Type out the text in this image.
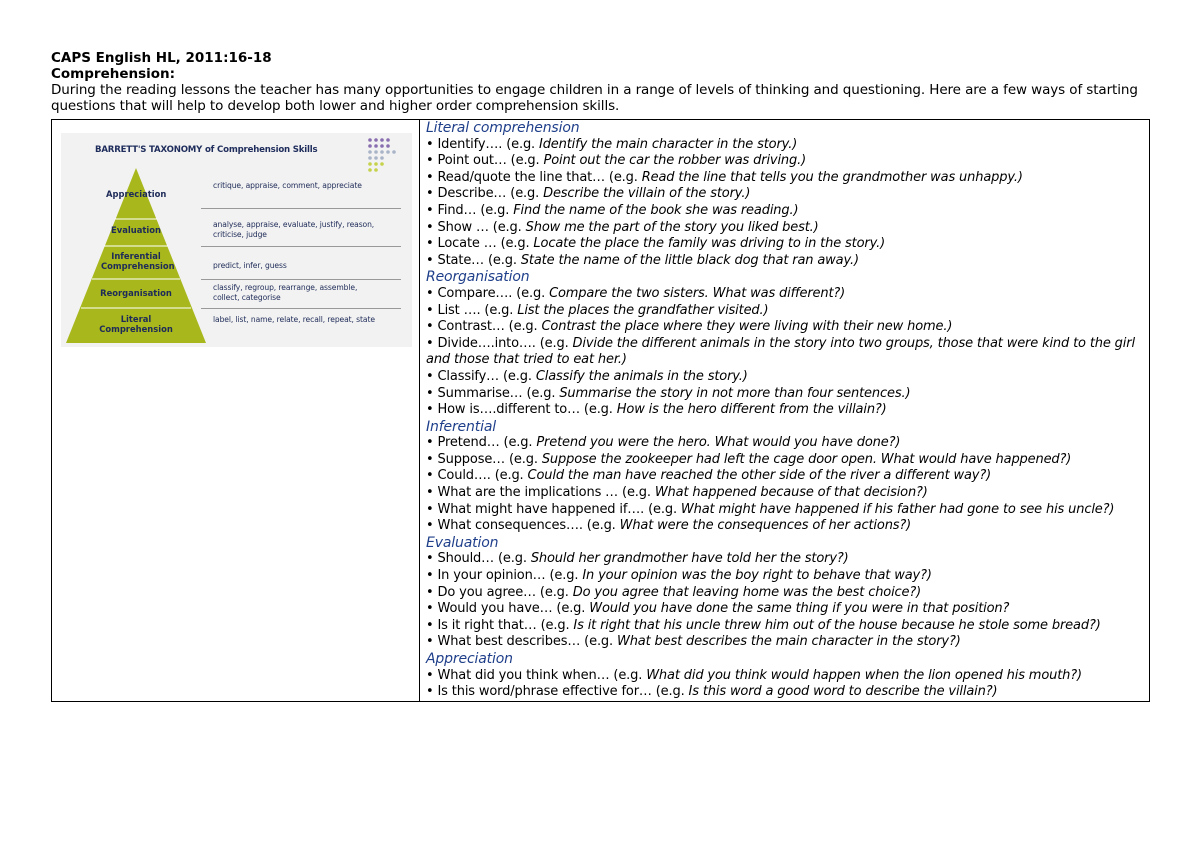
CAPS English HL, 2011:16-18
Comprehension:
During the reading lessons the teacher has many opportunities to engage children in a range of levels of thinking and questioning. Here are a few ways of starting questions that will help to develop both lower and higher order comprehension skills.
BARRETT'S TAXONOMY of Comprehension Skills
Appreciation
critique, appraise, comment, appreciate
Evaluation
analyse, appraise, evaluate, justify, reason, criticise, judge
Inferential Comprehension	predict, infer, guess
Reorganisation
classify, regroup, rearrange, assemble, collect, categorise
Literal Comprehension
label, list, name, relate, recall, repeat, state

Literal comprehension
• Identify…. (e.g. Identify the main character in the story.)
• Point out… (e.g. Point out the car the robber was driving.)
• Read/quote the line that… (e.g. Read the line that tells you the grandmother was unhappy.)
• Describe… (e.g. Describe the villain of the story.)
• Find… (e.g. Find the name of the book she was reading.)
• Show … (e.g. Show me the part of the story you liked best.)
• Locate … (e.g. Locate the place the family was driving to in the story.)
• State… (e.g. State the name of the little black dog that ran away.)
Reorganisation
• Compare…. (e.g. Compare the two sisters. What was different?)
• List …. (e.g. List the places the grandfather visited.)
• Contrast… (e.g. Contrast the place where they were living with their new home.)
• Divide….into…. (e.g. Divide the different animals in the story into two groups, those that were kind to the girl
and those that tried to eat her.)
• Classify… (e.g. Classify the animals in the story.)
• Summarise… (e.g. Summarise the story in not more than four sentences.)
• How is….different to… (e.g. How is the hero different from the villain?)
Inferential
• Pretend… (e.g. Pretend you were the hero. What would you have done?)
• Suppose… (e.g. Suppose the zookeeper had left the cage door open. What would have happened?)
• Could…. (e.g. Could the man have reached the other side of the river a different way?)
• What are the implications … (e.g. What happened because of that decision?)
• What might have happened if…. (e.g. What might have happened if his father had gone to see his uncle?)
• What consequences…. (e.g. What were the consequences of her actions?)
Evaluation
• Should… (e.g. Should her grandmother have told her the story?)
• In your opinion… (e.g. In your opinion was the boy right to behave that way?)
• Do you agree… (e.g. Do you agree that leaving home was the best choice?)
• Would you have… (e.g. Would you have done the same thing if you were in that position?
• Is it right that… (e.g. Is it right that his uncle threw him out of the house because he stole some bread?)
• What best describes… (e.g. What best describes the main character in the story?)
Appreciation
• What did you think when… (e.g. What did you think would happen when the lion opened his mouth?)
• Is this word/phrase effective for… (e.g. Is this word a good word to describe the villain?)
